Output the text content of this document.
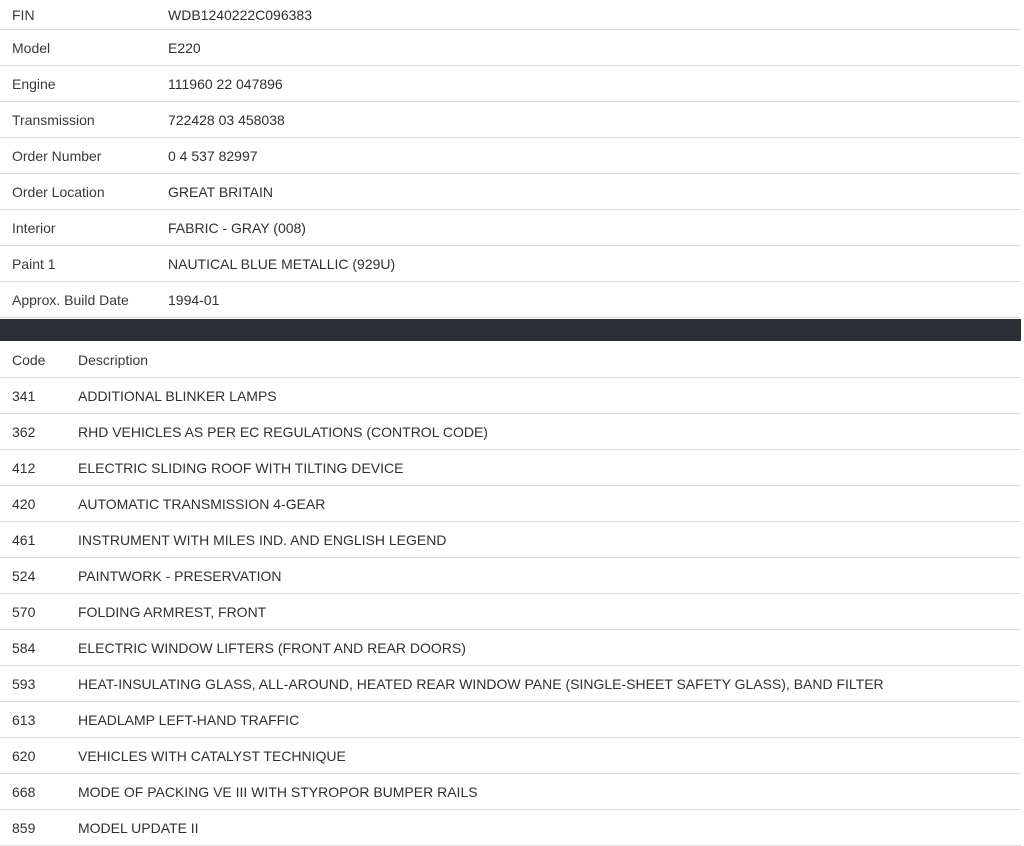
FIN	WDB1240222C096383
Model	E220
Engine	111960 22 047896
Transmission	722428 03 458038
Order Number	0 4 537 82997
Order Location	GREAT BRITAIN
Interior	FABRIC - GRAY (008)
Paint 1	NAUTICAL BLUE METALLIC (929U)
Approx. Build Date	1994-01
Code	Description
341	ADDITIONAL BLINKER LAMPS
362	RHD VEHICLES AS PER EC REGULATIONS (CONTROL CODE)
412	ELECTRIC SLIDING ROOF WITH TILTING DEVICE
420	AUTOMATIC TRANSMISSION 4-GEAR
461	INSTRUMENT WITH MILES IND. AND ENGLISH LEGEND
524	PAINTWORK - PRESERVATION
570	FOLDING ARMREST, FRONT
584	ELECTRIC WINDOW LIFTERS (FRONT AND REAR DOORS)
593	HEAT-INSULATING GLASS, ALL-AROUND, HEATED REAR WINDOW PANE (SINGLE-SHEET SAFETY GLASS), BAND FILTER
613	HEADLAMP LEFT-HAND TRAFFIC
620	VEHICLES WITH CATALYST TECHNIQUE
668	MODE OF PACKING VE III WITH STYROPOR BUMPER RAILS
859	MODEL UPDATE II
